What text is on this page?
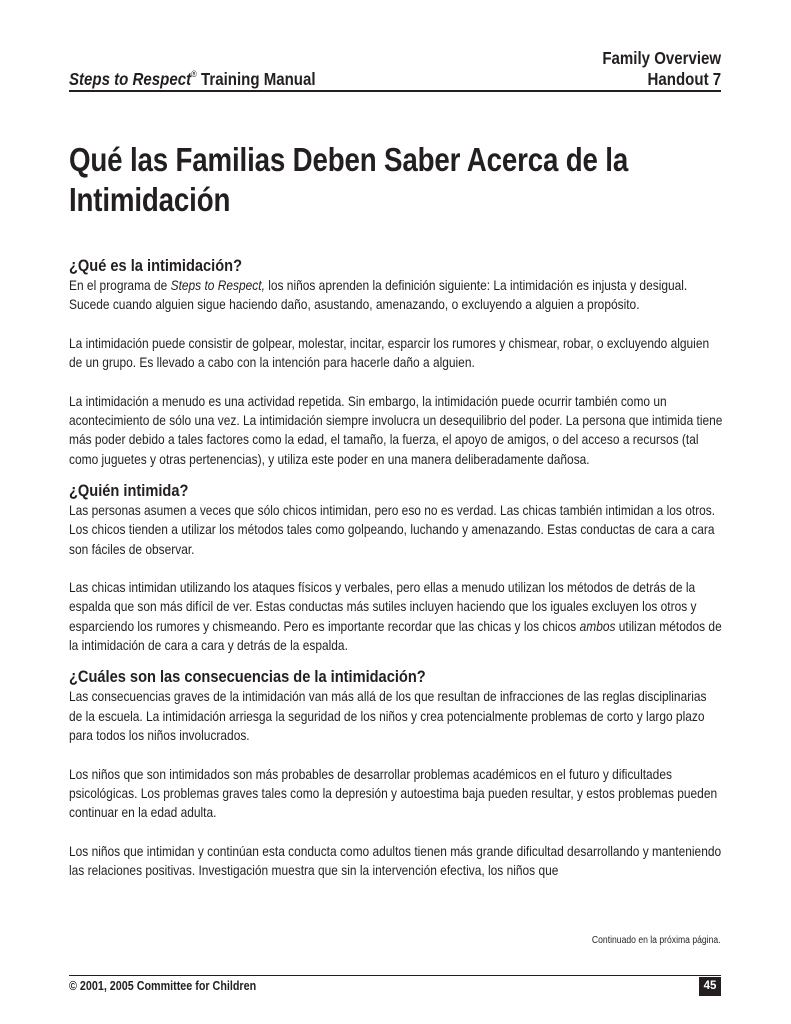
Steps to Respect® Training Manual
Family Overview
Handout 7
Qué las Familias Deben Saber Acerca de la Intimidación
¿Qué es la intimidación?

En el programa de Steps to Respect, los niños aprenden la definición siguiente: La intimidación es injusta y desigual. Sucede cuando alguien sigue haciendo daño, asustando, amenazando, o excluyendo a alguien a propósito.

La intimidación puede consistir de golpear, molestar, incitar, esparcir los rumores y chismear, robar, o excluyendo alguien de un grupo. Es llevado a cabo con la intención para hacerle daño a alguien.

La intimidación a menudo es una actividad repetida. Sin embargo, la intimidación puede ocurrir también como un acontecimiento de sólo una vez. La intimidación siempre involucra un desequilibrio del poder. La persona que intimida tiene más poder debido a tales factores como la edad, el tamaño, la fuerza, el apoyo de amigos, o del acceso a recursos (tal como juguetes y otras pertenencias), y utiliza este poder en una manera deliberadamente dañosa.

¿Quién intimida?

Las personas asumen a veces que sólo chicos intimidan, pero eso no es verdad. Las chicas también intimidan a los otros. Los chicos tienden a utilizar los métodos tales como golpeando, luchando y amenazando. Estas conductas de cara a cara son fáciles de observar.

Las chicas intimidan utilizando los ataques físicos y verbales, pero ellas a menudo utilizan los métodos de detrás de la espalda que son más difícil de ver. Estas conductas más sutiles incluyen haciendo que los iguales excluyen los otros y esparciendo los rumores y chismeando. Pero es importante recordar que las chicas y los chicos ambos utilizan métodos de la intimidación de cara a cara y detrás de la espalda.

¿Cuáles son las consecuencias de la intimidación?

Las consecuencias graves de la intimidación van más allá de los que resultan de infracciones de las reglas disciplinarias de la escuela. La intimidación arriesga la seguridad de los niños y crea potencialmente problemas de corto y largo plazo para todos los niños involucrados.

Los niños que son intimidados son más probables de desarrollar problemas académicos en el futuro y dificultades psicológicas. Los problemas graves tales como la depresión y autoestima baja pueden resultar, y estos problemas pueden continuar en la edad adulta.

Los niños que intimidan y continúan esta conducta como adultos tienen más grande dificultad desarrollando y manteniendo las relaciones positivas. Investigación muestra que sin la intervención efectiva, los niños que

Continuado en la próxima página.
© 2001, 2005 Committee for Children	45
